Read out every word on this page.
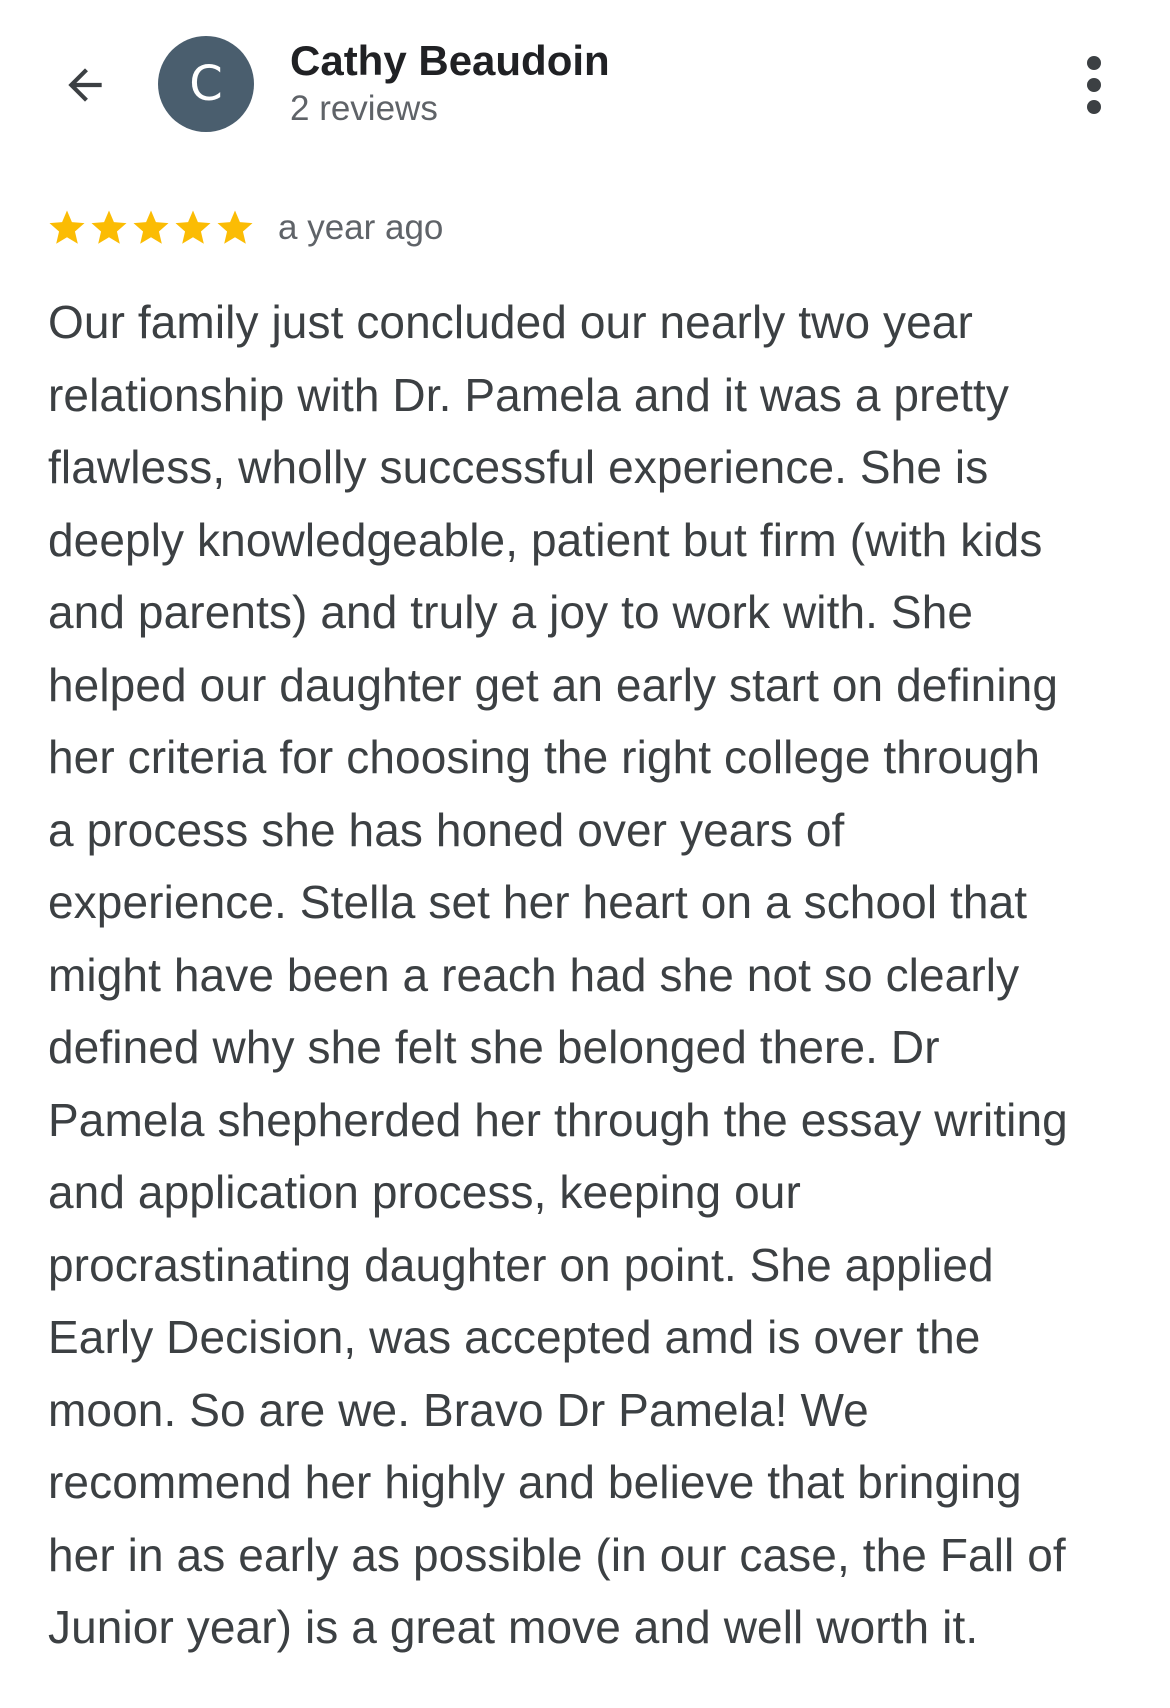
C Cathy Beaudoin
2 reviews
a year ago

Our family just concluded our nearly two year
relationship with Dr. Pamela and it was a pretty
flawless, wholly successful experience. She is
deeply knowledgeable, patient but firm (with kids
and parents) and truly a joy to work with. She
helped our daughter get an early start on defining
her criteria for choosing the right college through
a process she has honed over years of
experience. Stella set her heart on a school that
might have been a reach had she not so clearly
defined why she felt she belonged there. Dr
Pamela shepherded her through the essay writing
and application process, keeping our
procrastinating daughter on point. She applied
Early Decision, was accepted amd is over the
moon. So are we. Bravo Dr Pamela! We
recommend her highly and believe that bringing
her in as early as possible (in our case, the Fall of
Junior year) is a great move and well worth it.
